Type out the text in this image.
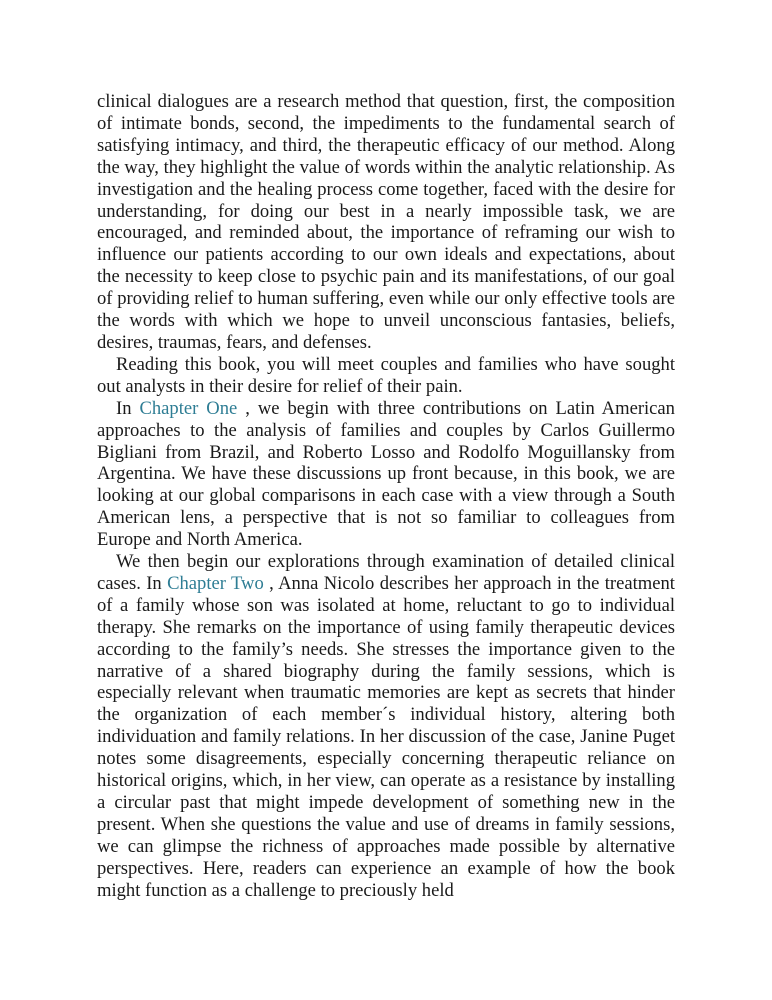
clinical dialogues are a research method that question, first, the composition of intimate bonds, second, the impediments to the fundamental search of satisfying intimacy, and third, the therapeutic efficacy of our method. Along the way, they highlight the value of words within the analytic relationship. As investigation and the healing process come together, faced with the desire for understanding, for doing our best in a nearly impossible task, we are encouraged, and reminded about, the importance of reframing our wish to influence our patients according to our own ideals and expectations, about the necessity to keep close to psychic pain and its manifestations, of our goal of providing relief to human suffering, even while our only effective tools are the words with which we hope to unveil unconscious fantasies, beliefs, desires, traumas, fears, and defenses.

Reading this book, you will meet couples and families who have sought out analysts in their desire for relief of their pain.

In Chapter One , we begin with three contributions on Latin American approaches to the analysis of families and couples by Carlos Guillermo Bigliani from Brazil, and Roberto Losso and Rodolfo Moguillansky from Argentina. We have these discussions up front because, in this book, we are looking at our global comparisons in each case with a view through a South American lens, a perspective that is not so familiar to colleagues from Europe and North America.

We then begin our explorations through examination of detailed clinical cases. In Chapter Two , Anna Nicolo describes her approach in the treatment of a family whose son was isolated at home, reluctant to go to individual therapy. She remarks on the importance of using family therapeutic devices according to the family’s needs. She stresses the importance given to the narrative of a shared biography during the family sessions, which is especially relevant when traumatic memories are kept as secrets that hinder the organization of each member´s individual history, altering both individuation and family relations. In her discussion of the case, Janine Puget notes some disagreements, especially concerning therapeutic reliance on historical origins, which, in her view, can operate as a resistance by installing a circular past that might impede development of something new in the present. When she questions the value and use of dreams in family sessions, we can glimpse the richness of approaches made possible by alternative perspectives. Here, readers can experience an example of how the book might function as a challenge to preciously held
